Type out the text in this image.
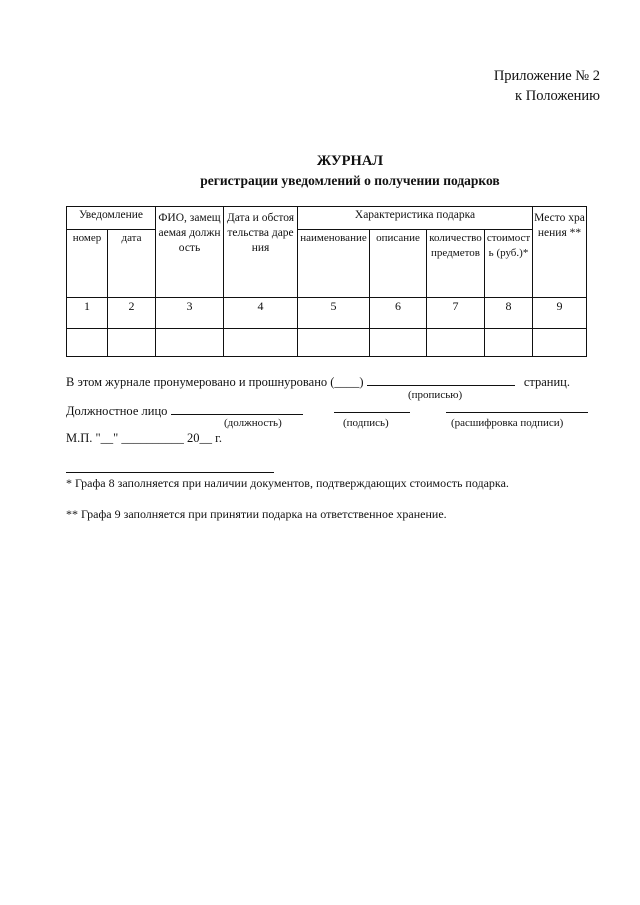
Приложение № 2
к Положению
ЖУРНАЛ
регистрации уведомлений о получении подарков
Уведомление		ФИО, замещаемая должность	Дата и обстоятельства дарения	Характеристика подарка				Место хранения **
номер	дата			наименование	описание	количество предметов	стоимость (руб.)*	
1	2	3	4	5	6	7	8	9

В этом журнале пронумеровано и прошнуровано (____)	страниц.
(прописью)
Должностное лицо
(должность)	(подпись)	(расшифровка подписи)
М.П. "__" __________ 20__ г.
* Графа 8 заполняется при наличии документов, подтверждающих стоимость подарка.
** Графа 9 заполняется при принятии подарка на ответственное хранение.
